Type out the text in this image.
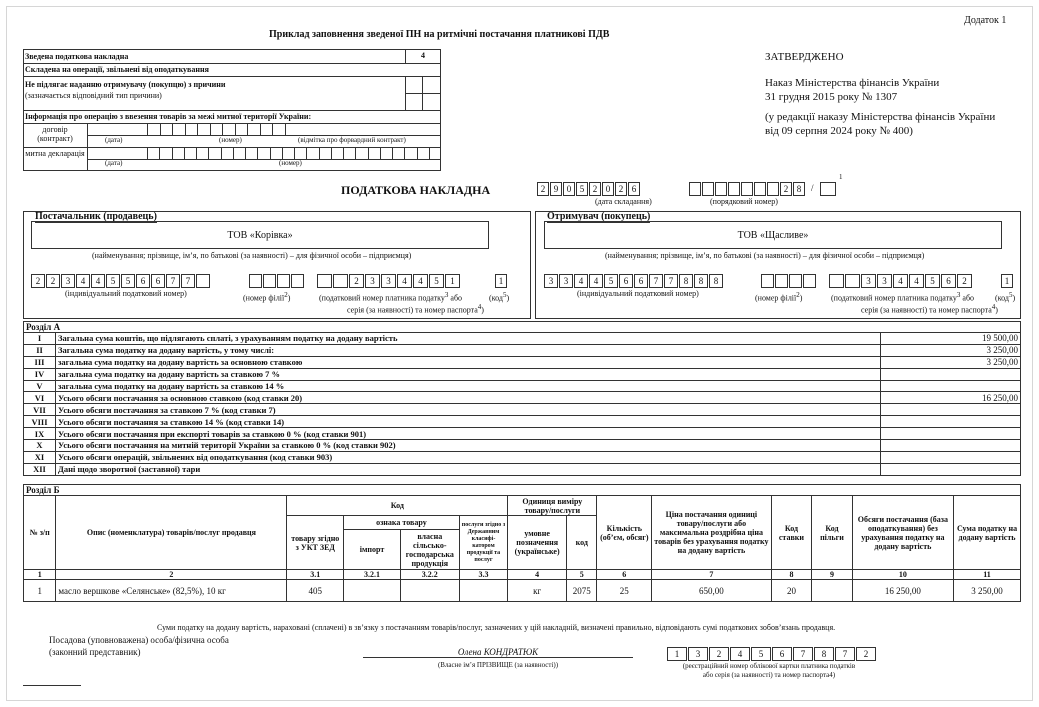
Додаток 1
Приклад заповнення зведеної ПН на ритмічні постачання платникові ПДВ
ЗАТВЕРДЖЕНО
Наказ Міністерства фінансів України
31 грудня 2015 року № 1307
(у редакції наказу Міністерства фінансів України
від 09 серпня 2024 року № 400)
Зведена податкова накладна	4
Складена на операції, звільнені від оподаткування
Не підлягає наданню отримувачу (покупцю) з причини
(зазначається відповідний тип причини)
Інформація про операцію з ввезення товарів за межі митної території України:
договір (контракт)	(дата)	(номер)	(відмітка про форвардний контракт)
митна декларація
(дата)	(номер)
ПОДАТКОВА НАКЛАДНА	2 9 0 5 2 0 2 6
(дата складання)
2 8	/
1
(порядковий номер)
Постачальник (продавець)
ТОВ «Корівка»
(найменування; прізвище, ім’я, по батькові (за наявності) – для фізичної особи – підприємця)
2	2	3	4	4	5	5	6	6	7	7
(індивідуальний податковий номер)
(номер філії$^2$)
2	3	3	4	4	5	1	1
(податковий номер платника податку$^3$ або	(код$^5$)
серія (за наявності) та номер паспорта$^4$)
Отримувач (покупець)
ТОВ «Щасливе»
(найменування; прізвище, ім’я, по батькові (за наявності) – для фізичної особи – підприємця)
3	3	4	4	5	6	6	7	7	8	8	8
(індивідуальний податковий номер)
(номер філії$^2$)
3	3	4	4	5	6	2	1
(податковий номер платника податку$^3$ або	(код$^5$)
серія (за наявності) та номер паспорта$^4$)
Розділ А		
І	Загальна сума коштів, що підлягають сплаті, з урахуванням податку на додану вартість	19 500,00
ІІ	Загальна сума податку на додану вартість, у тому числі:	3 250,00
ІІІ	загальна сума податку на додану вартість за основною ставкою	3 250,00
ІV	загальна сума податку на додану вартість за ставкою 7 %	
V	загальна сума податку на додану вартість за ставкою 14 %	
VІ	Усього обсяги постачання за основною ставкою (код ставки 20)	16 250,00
VІІ	Усього обсяги постачання за ставкою 7 % (код ставки 7)	
VІІІ	Усього обсяги постачання за ставкою 14 % (код ставки 14)	
ІХ	Усього обсяги постачання при експорті товарів за ставкою 0 % (код ставки 901)	
Х	Усього обсяги постачання на митній території України за ставкою 0 % (код ставки 902)	
ХІ	Усього обсяги операцій, звільнених від оподаткування (код ставки 903)	
ХІІ	Дані щодо зворотної (заставної) тари	
Розділ Б													
№ з/п	Опис (номенклатура) товарів/послуг продавця	Код				Одиниця виміру товару/послуги		Кількість (об’єм, обсяг)	Ціна постачання одиниці товару/послуги або максимальна роздрібна ціна товарів без урахування податку на додану вартість	Код ставки	Код пільги	Обсяги постачання (база оподаткування) без урахування податку на додану вартість	Сума податку на додану вартість
		товару згідно з УКТ ЗЕД	ознака товару		послуги згідно з Державним класифі-катором продукції та послуг	умовне позначення (українське)	код						
			імпорт	власна сільсько-господарська продукція									
1	2	3.1	3.2.1	3.2.2	3.3	4	5	6	7	8	9	10	11
1	масло вершкове «Селянське» (82,5%), 10 кг	405				кг	2075	25	650,00	20		16 250,00	3 250,00
Суми податку на додану вартість, нараховані (сплачені) в зв’язку з постачанням товарів/послуг, зазначених у цій накладній, визначені правильно, відповідають сумі податкових зобов’язань продавця.
Посадова (уповноважена) особа/фізична особа
(законний представник)	Олена КОНДРАТЮК
(Власне ім’я ПРІЗВИЩЕ (за наявності))
1	3	2	4	5	6	7	8	7	2
(реєстраційний номер облікової картки платника податків
або серія (за наявності) та номер паспорта4)
